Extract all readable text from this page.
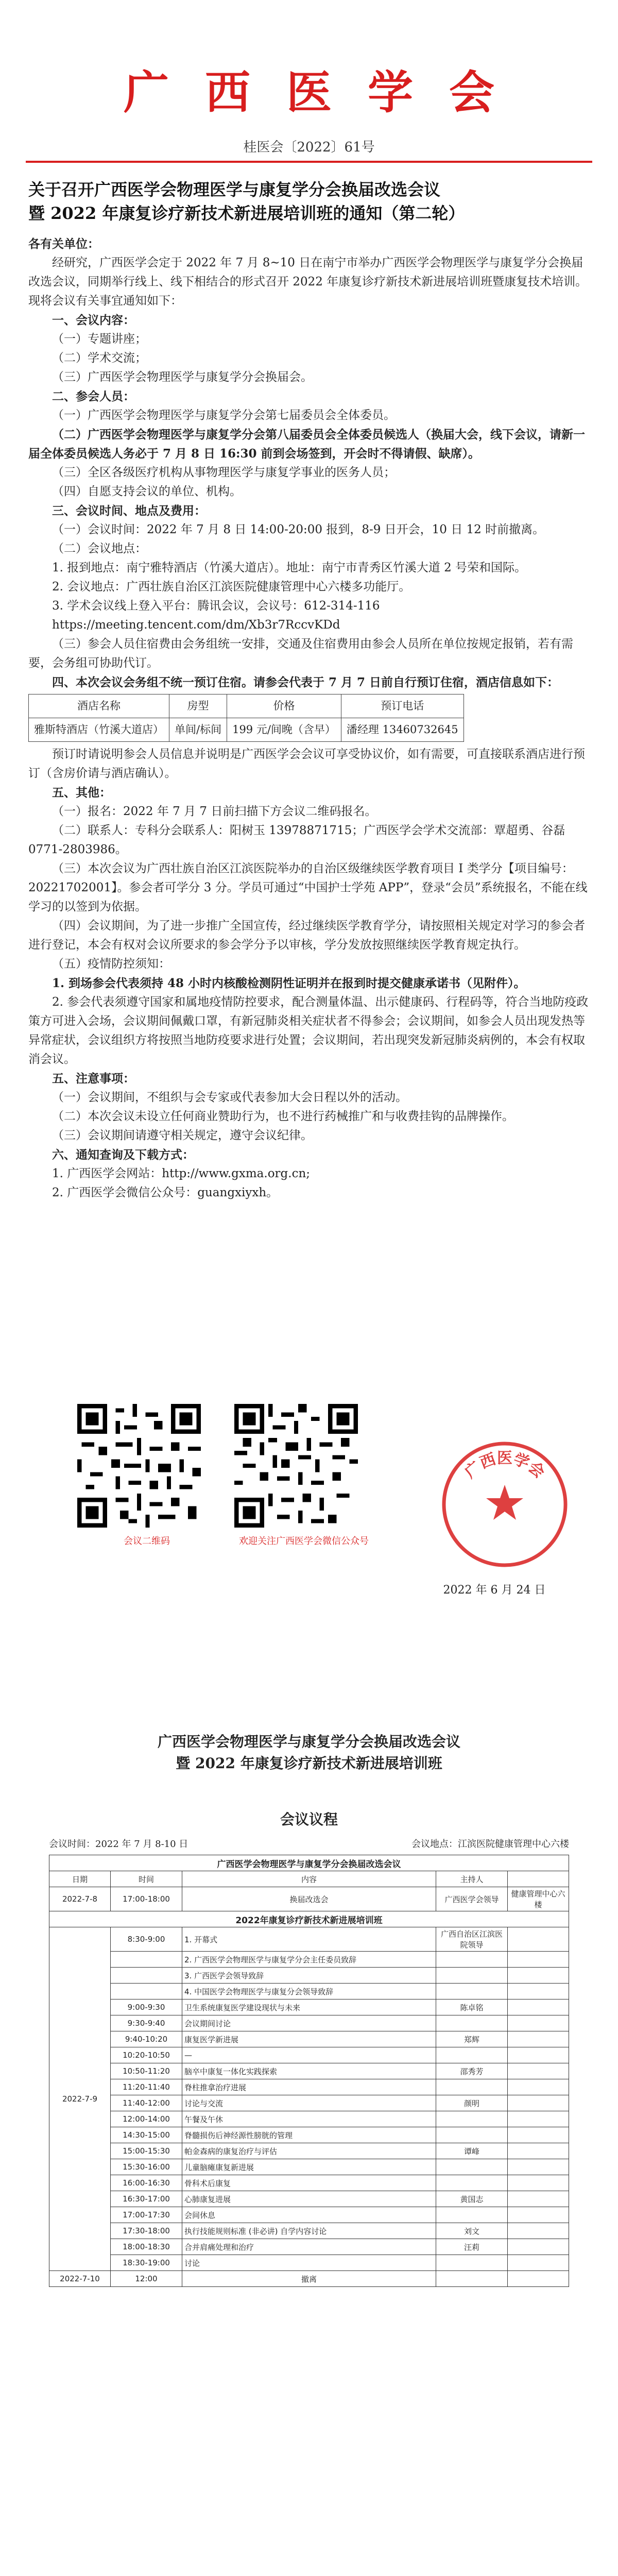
广西医学会
桂医会〔2022〕61号
关于召开广西医学会物理医学与康复学分会换届改选会议
暨 2022 年康复诊疗新技术新进展培训班的通知（第二轮）

各有关单位：

经研究，广西医学会定于 2022 年 7 月 8~10 日在南宁市举办广西医学会物理医学与康复学分会换届改选会议，同期举行线上、线下相结合的形式召开 2022 年康复诊疗新技术新进展培训班暨康复技术培训。现将会议有关事宜通知如下：

一、会议内容：

（一）专题讲座；

（二）学术交流；

（三）广西医学会物理医学与康复学分会换届会。

二、参会人员：

（一）广西医学会物理医学与康复学分会第七届委员会全体委员。

（二）广西医学会物理医学与康复学分会第八届委员会全体委员候选人（换届大会，线下会议，请新一届全体委员候选人务必于 7 月 8 日 16:30 前到会场签到，开会时不得请假、缺席）。

（三）全区各级医疗机构从事物理医学与康复学事业的医务人员；

（四）自愿支持会议的单位、机构。

三、会议时间、地点及费用：

（一）会议时间：2022 年 7 月 8 日 14:00-20:00 报到，8-9 日开会，10 日 12 时前撤离。

（二）会议地点：

1. 报到地点：南宁雅特酒店（竹溪大道店）。地址：南宁市青秀区竹溪大道 2 号荣和国际。

2. 会议地点：广西壮族自治区江滨医院健康管理中心六楼多功能厅。

3. 学术会议线上登入平台：腾讯会议，会议号：612-314-116

https://meeting.tencent.com/dm/Xb3r7RccvKDd

（三）参会人员住宿费由会务组统一安排，交通及住宿费用由参会人员所在单位按规定报销，若有需要，会务组可协助代订。

四、本次会议会务组不统一预订住宿。请参会代表于 7 月 7 日前自行预订住宿，酒店信息如下：

酒店名称	房型	价格	预订电话
雅斯特酒店（竹溪大道店）	单间/标间	199 元/间晚（含早）	潘经理 13460732645

预订时请说明参会人员信息并说明是广西医学会会议可享受协议价，如有需要，可直接联系酒店进行预订（含房价请与酒店确认）。

五、其他：

（一）报名：2022 年 7 月 7 日前扫描下方会议二维码报名。

（二）联系人：专科分会联系人：阳树玉 13978871715；广西医学会学术交流部：覃超勇、谷磊 0771-2803986。

（三）本次会议为广西壮族自治区江滨医院举办的自治区级继续医学教育项目 I 类学分【项目编号：20221702001】。参会者可学分 3 分。学员可通过“中国护士学苑 APP”，登录“会员”系统报名，不能在线学习的以签到为依据。

（四）会议期间，为了进一步推广全国宣传，经过继续医学教育学分，请按照相关规定对学习的参会者进行登记，本会有权对会议所要求的参会学分予以审核，学分发放按照继续医学教育规定执行。

（五）疫情防控须知：

1. 到场参会代表须持 48 小时内核酸检测阴性证明并在报到时提交健康承诺书（见附件）。

2. 参会代表须遵守国家和属地疫情防控要求，配合测量体温、出示健康码、行程码等，符合当地防疫政策方可进入会场，会议期间佩戴口罩，有新冠肺炎相关症状者不得参会；会议期间，如参会人员出现发热等异常症状，会议组织方将按照当地防疫要求进行处置；会议期间，若出现突发新冠肺炎病例的，本会有权取消会议。

五、注意事项：

（一）会议期间，不组织与会专家或代表参加大会日程以外的活动。

（二）本次会议未设立任何商业赞助行为，也不进行药械推广和与收费挂钩的品牌操作。

（三）会议期间请遵守相关规定，遵守会议纪律。

六、通知查询及下载方式：

1. 广西医学会网站：http://www.gxma.org.cn;

2. 广西医学会微信公众号：guangxiyxh。

会议二维码	欢迎关注广西医学会微信公众号
广西医学会
2022 年 6 月 24 日
广西医学会物理医学与康复学分会换届改选会议
暨 2022 年康复诊疗新技术新进展培训班
会议议程
会议时间：2022 年 7 月 8-10 日	会议地点：江滨医院健康管理中心六楼
广西医学会物理医学与康复学分会换届改选会议				
日期	时间	内容	主持人	
2022-7-8	17:00-18:00	换届改选会	广西医学会领导	健康管理中心六楼
2022年康复诊疗新技术新进展培训班				
2022-7-9	8:30-9:00	1. 开幕式	广西自治区江滨医院领导	
		2. 广西医学会物理医学与康复学分会主任委员致辞		
		3. 广西医学会领导致辞		
		4. 中国医学会物理医学与康复分会领导致辞		
	9:00-9:30	卫生系统康复医学建设现状与未来	陈卓铭	
	9:30-9:40	会议期间讨论		
	9:40-10:20	康复医学新进展	郑辉	
	10:20-10:50	—		
	10:50-11:20	脑卒中康复一体化实践探索	邵秀芳	
	11:20-11:40	脊柱推拿治疗进展		
	11:40-12:00	讨论与交流	颜明	
	12:00-14:00	午餐及午休		
	14:30-15:00	脊髓损伤后神经源性膀胱的管理		
	15:00-15:30	帕金森病的康复治疗与评估	谭峰	
	15:30-16:00	儿童脑瘫康复新进展		
	16:00-16:30	骨科术后康复		
	16:30-17:00	心肺康复进展	黄国志	
	17:00-17:30	会间休息		
	17:30-18:00	执行技能规则标准 (非必讲) 自学内容讨论	刘文	
	18:00-18:30	合并肩痛处理和治疗	汪莉	
	18:30-19:00	讨论		
2022-7-10	12:00	撤离		
